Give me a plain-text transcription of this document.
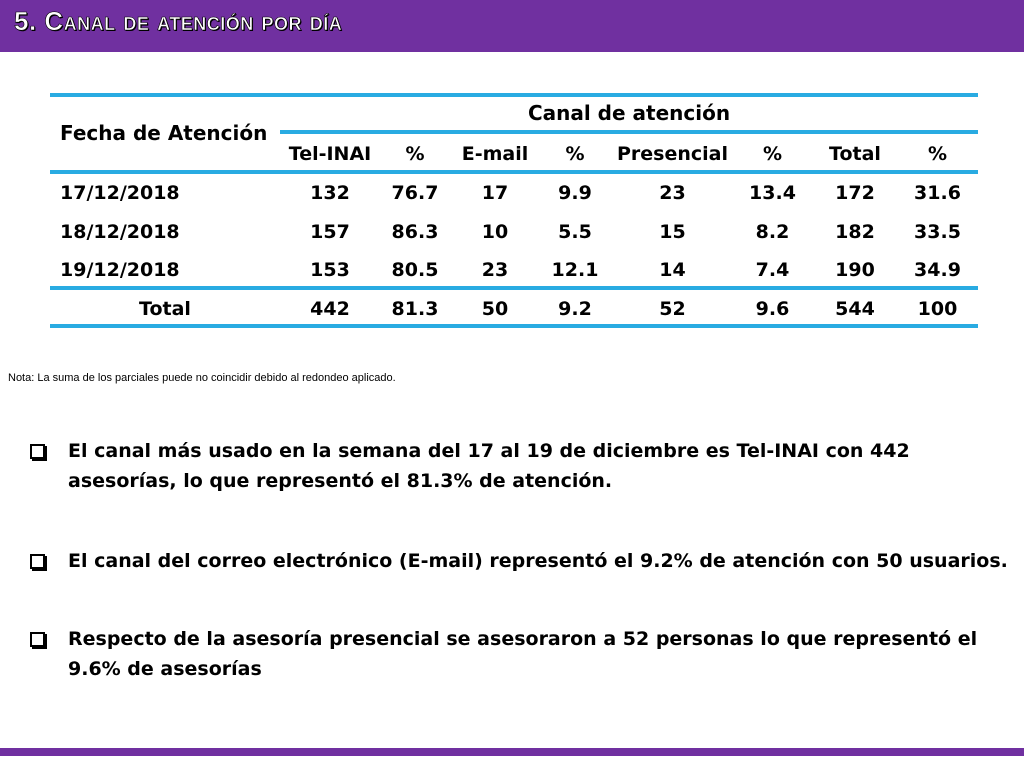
5. Canal de atención por día
Fecha de Atención
Canal de atención
Tel-INAI	%	E-mail	%	Presencial	%	Total	%
17/12/2018	132	76.7	17	9.9	23	13.4	172	31.6
18/12/2018	157	86.3	10	5.5	15	8.2	182	33.5
19/12/2018	153	80.5	23	12.1	14	7.4	190	34.9
Total	442	81.3	50	9.2	52	9.6	544	100
Nota: La suma de los parciales puede no coincidir debido al redondeo aplicado.
El canal más usado en la semana del 17 al 19 de diciembre es Tel-INAI con 442 asesorías, lo que representó el 81.3% de atención.
El canal del correo electrónico (E-mail) representó el 9.2% de atención con 50 usuarios.
Respecto de la asesoría presencial se asesoraron a 52 personas lo que representó el 9.6% de asesorías
